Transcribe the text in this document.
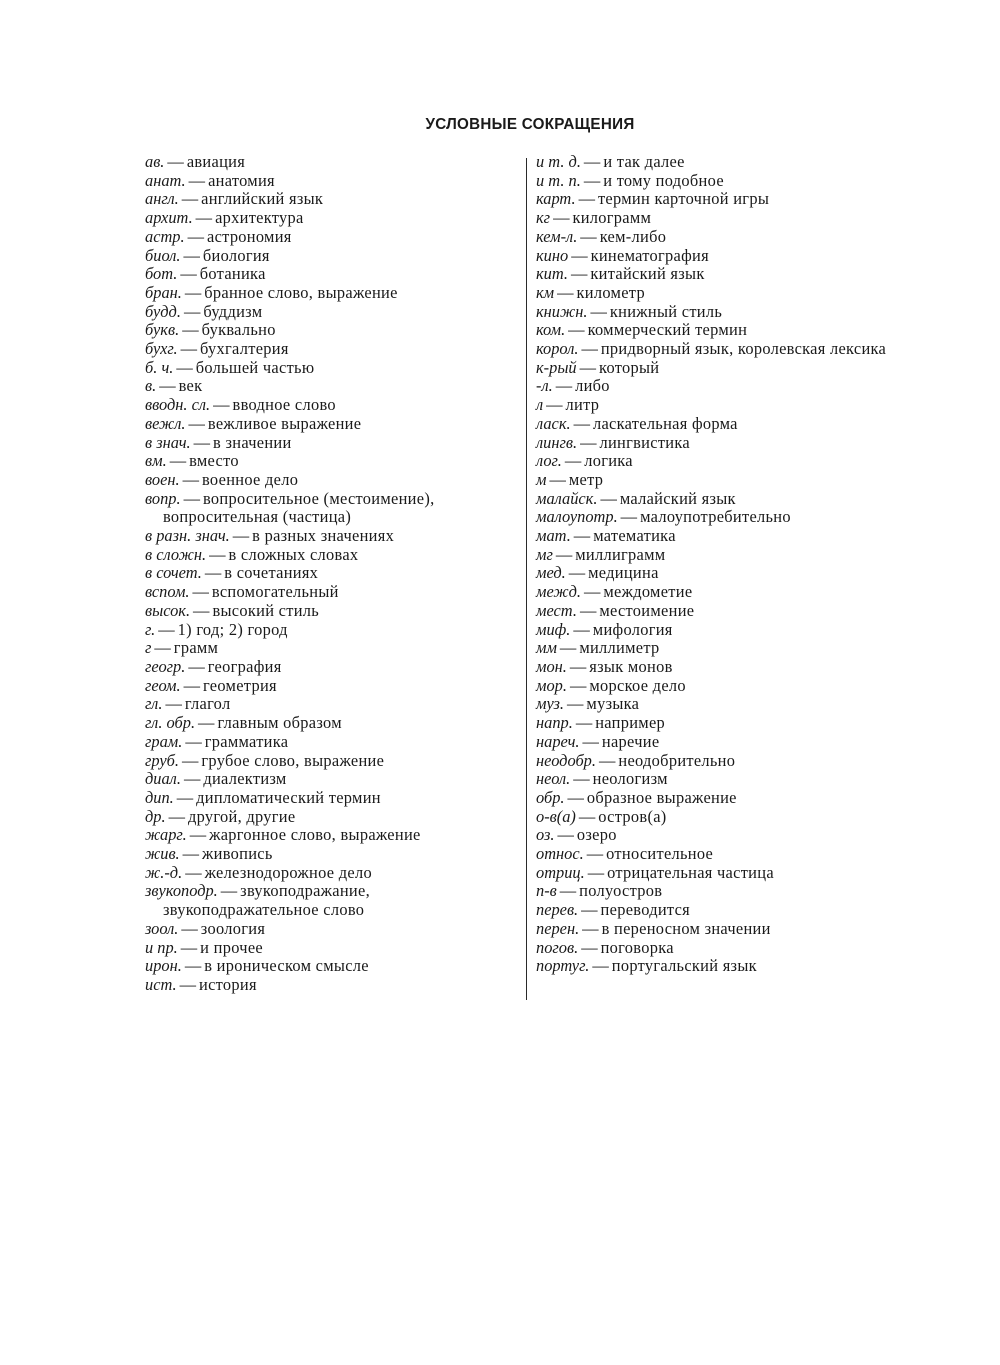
УСЛОВНЫЕ СОКРАЩЕНИЯ

ав. — авиация

анат. — анатомия

англ. — английский язык

архит. — архитектура

астр. — астрономия

биол. — биология

бот. — ботаника

бран. — бранное слово, выражение

будд. — буддизм

букв. — буквально

бухг. — бухгалтерия

б. ч. — большей частью

в. — век

вводн. сл. — вводное слово

вежл. — вежливое выражение

в знач. — в значении

вм. — вместо

воен. — военное дело

вопр. — вопросительное (местоимение), вопросительная (частица)

в разн. знач. — в разных значениях

в сложн. — в сложных словах

в сочет. — в сочетаниях

вспом. — вспомогательный

высок. — высокий стиль

г. — 1) год; 2) город

г — грамм

геогр. — география

геом. — геометрия

гл. — глагол

гл. обр. — главным образом

грам. — грамматика

груб. — грубое слово, выражение

диал. — диалектизм

дип. — дипломатический термин

др. — другой, другие

жарг. — жаргонное слово, выражение

жив. — живопись

ж.-д. — железнодорожное дело

звукоподр. — звукоподражание, звукоподражательное слово

зоол. — зоология

и пр. — и прочее

ирон. — в ироническом смысле

ист. — история

и т. д. — и так далее

и т. п. — и тому подобное

карт. — термин карточной игры

кг — килограмм

кем-л. — кем-либо

кино — кинематография

кит. — китайский язык

км — километр

книжн. — книжный стиль

ком. — коммерческий термин

корол. — придворный язык, королевская лексика

к-рый — который

-л. — либо

л — литр

ласк. — ласкательная форма

лингв. — лингвистика

лог. — логика

м — метр

малайск. — малайский язык

малоупотр. — малоупотребительно

мат. — математика

мг — миллиграмм

мед. — медицина

межд. — междометие

мест. — местоимение

миф. — мифология

мм — миллиметр

мон. — язык монов

мор. — морское дело

муз. — музыка

напр. — например

нареч. — наречие

неодобр. — неодобрительно

неол. — неологизм

обр. — образное выражение

о-в(а) — остров(а)

оз. — озеро

относ. — относительное

отриц. — отрицательная частица

п-в — полуостров

перев. — переводится

перен. — в переносном значении

погов. — поговорка

португ. — португальский язык
